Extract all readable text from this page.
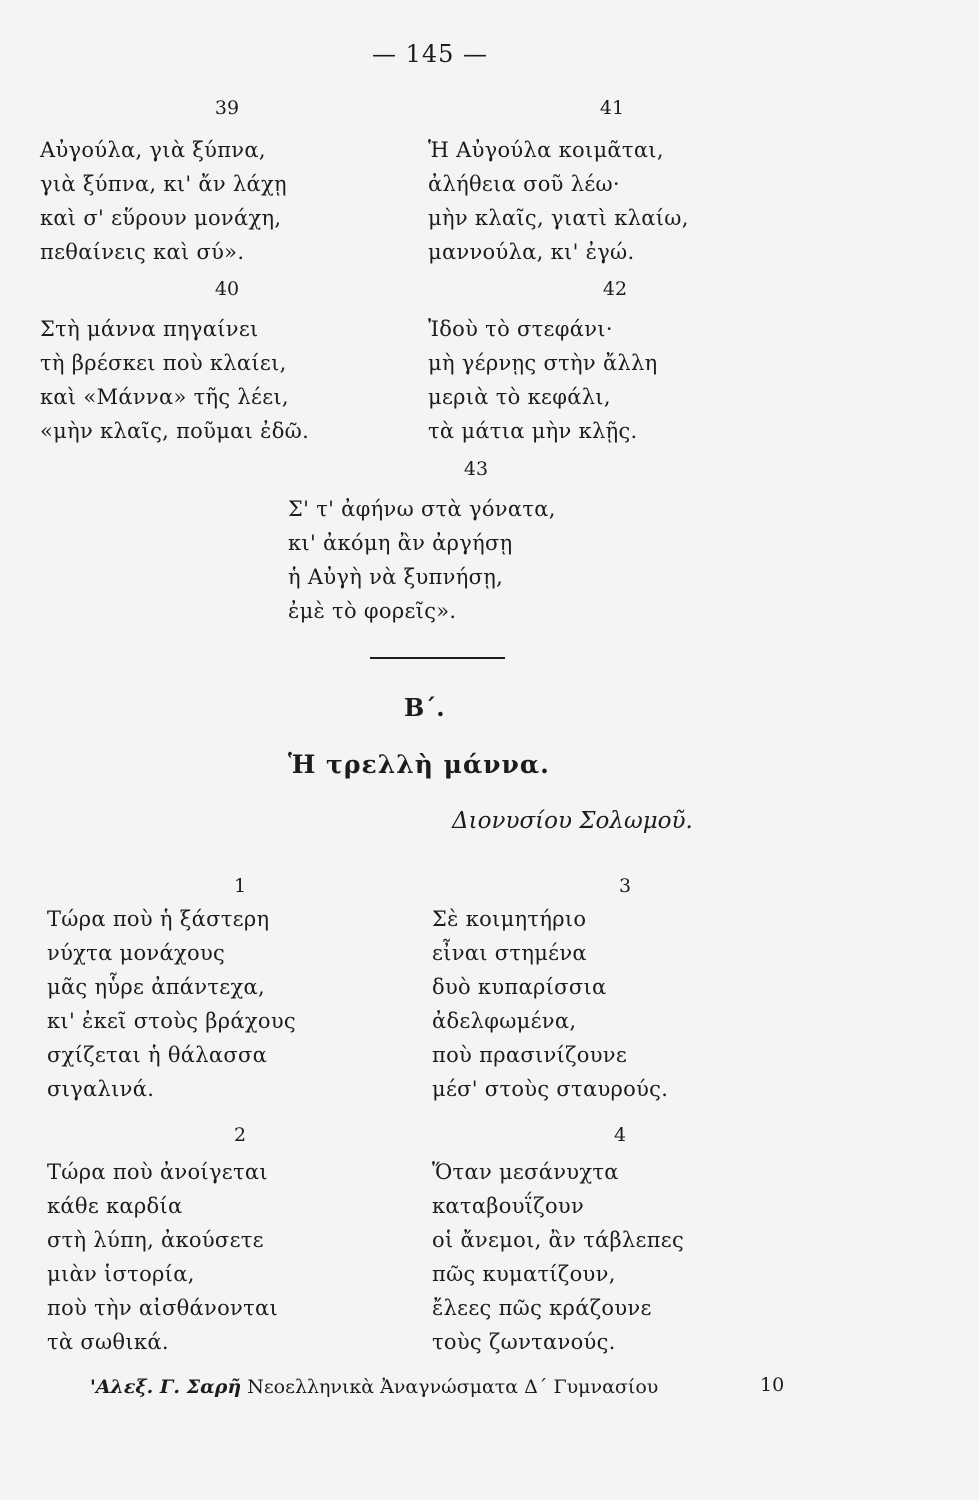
— 145 —
39
Αὐγούλα, γιὰ ξύπνα,
γιὰ ξύπνα, κι' ἄν λάχῃ
καὶ σ' εὕρουν μονάχη,
πεθαίνεις καὶ σύ».
40
Στὴ μάννα πηγαίνει
τὴ βρέσκει ποὺ κλαίει,
καὶ «Μάννα» τῆς λέει,
«μὴν κλαῖς, ποῦμαι ἐδῶ.
41
Ἡ Αὐγούλα κοιμᾶται,
ἀλήθεια σοῦ λέω·
μὴν κλαῖς, γιατὶ κλαίω,
μαννούλα, κι' ἐγώ.
42
Ἰδοὺ τὸ στεφάνι·
μὴ γέρνῃς στὴν ἄλλη
μεριὰ τὸ κεφάλι,
τὰ μάτια μὴν κλῇς.
43
Σ' τ' ἀφήνω στὰ γόνατα,
κι' ἀκόμη ἂν ἀργήσῃ
ἡ Αὐγὴ νὰ ξυπνήσῃ,
ἐμὲ τὸ φορεῖς».
Β΄.
Ἡ τρελλὴ μάννα.
Διονυσίου Σολωμοῦ.
1
Τώρα ποὺ ἡ ξάστερη
νύχτα μονάχους
μᾶς ηὗρε ἀπάντεχα,
κι' ἐκεῖ στοὺς βράχους
σχίζεται ἡ θάλασσα
σιγαλινά.
2
Τώρα ποὺ ἀνοίγεται
κάθε καρδία
στὴ λύπη, ἀκούσετε
μιὰν ἱστορία,
ποὺ τὴν αἰσθάνονται
τὰ σωθικά.
3
Σὲ κοιμητήριο
εἶναι στημένα
δυὸ κυπαρίσσια
ἀδελφωμένα,
ποὺ πρασινίζουνε
μέσ' στοὺς σταυρούς.
4
Ὅταν μεσάνυχτα
καταβουΐζουν
οἱ ἄνεμοι, ἂν τάβλεπες
πῶς κυματίζουν,
ἔλεες πῶς κράζουνε
τοὺς ζωντανούς.
'Αλεξ. Γ. Σαρῆ Νεοελληνικὰ Ἀναγνώσματα Δ΄ Γυμνασίου	10
